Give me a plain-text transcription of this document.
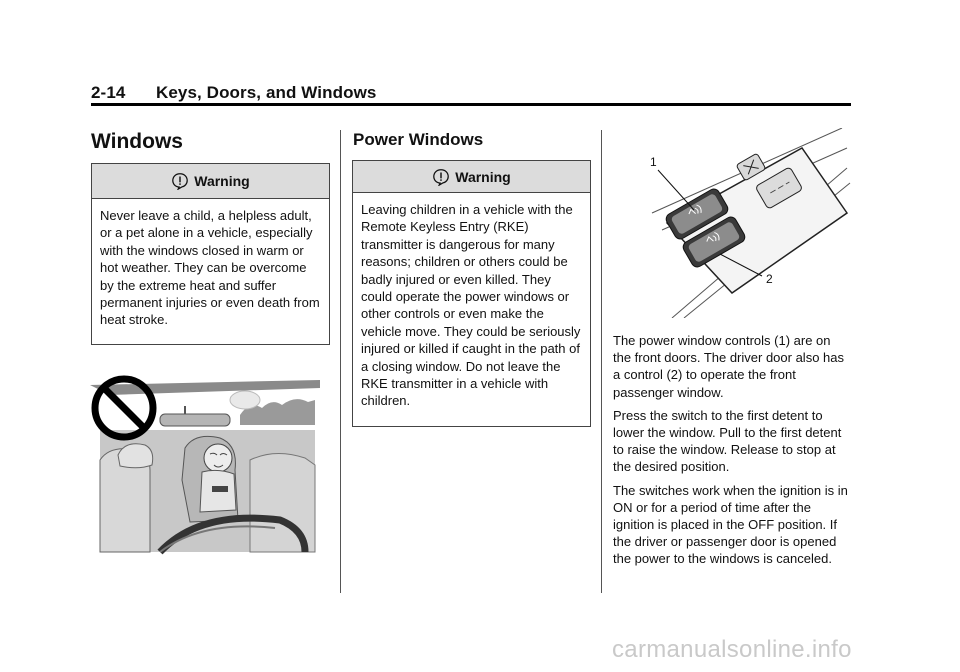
2-14 Keys, Doors, and Windows
Windows
Warning
Never leave a child, a helpless adult, or a pet alone in a vehicle, especially with the windows closed in warm or hot weather. They can be overcome by the extreme heat and suffer permanent injuries or even death from heat stroke.
Power Windows
Warning
Leaving children in a vehicle with the Remote Keyless Entry (RKE) transmitter is dangerous for many reasons; children or others could be badly injured or even killed. They could operate the power windows or other controls or even make the vehicle move. They could be seriously injured or killed if caught in the path of a closing window. Do not leave the RKE transmitter in a vehicle with children.
1
2

The power window controls (1) are on the front doors. The driver door also has a control (2) to operate the front passenger window.

Press the switch to the first detent to lower the window. Pull to the first detent to raise the window. Release to stop at the desired position.

The switches work when the ignition is in ON or for a period of time after the ignition is placed in the OFF position. If the driver or passenger door is opened the power to the windows is canceled.

carmanualsonline.info
